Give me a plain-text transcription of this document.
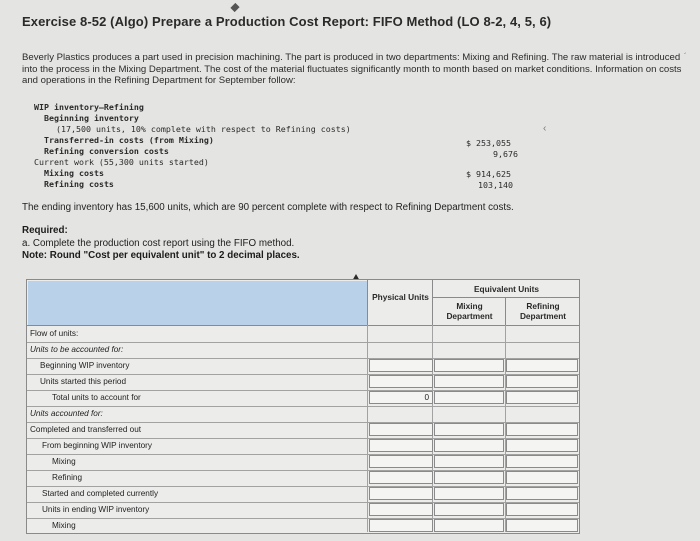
Exercise 8-52 (Algo) Prepare a Production Cost Report: FIFO Method (LO 8-2, 4, 5, 6)
Beverly Plastics produces a part used in precision machining. The part is produced in two departments: Mixing and Refining. The raw material is introduced into the process in the Mixing Department. The cost of the material fluctuates significantly month to month based on market conditions. Information on costs and operations in the Refining Department for September follow:
´
WIP inventory—Refining
Beginning inventory
(17,500 units, 10% complete with respect to Refining costs)
Transferred-in costs (from Mixing)
Refining conversion costs
Current work (55,300 units started)
Mixing costs
Refining costs
$ 253,055
9,676
$ 914,625
103,140
‹
The ending inventory has 15,600 units, which are 90 percent complete with respect to Refining Department costs.
Required:
a. Complete the production cost report using the FIFO method.
Note: Round "Cost per equivalent unit" to 2 decimal places.
Physical Units
Equivalent Units
Mixing Department
Refining Department
Flow of units:
Units to be accounted for:
Beginning WIP inventory
Units started this period
Total units to account for	0
Units accounted for:
Completed and transferred out
From beginning WIP inventory
Mixing
Refining
Started and completed currently
Units in ending WIP inventory
Mixing
